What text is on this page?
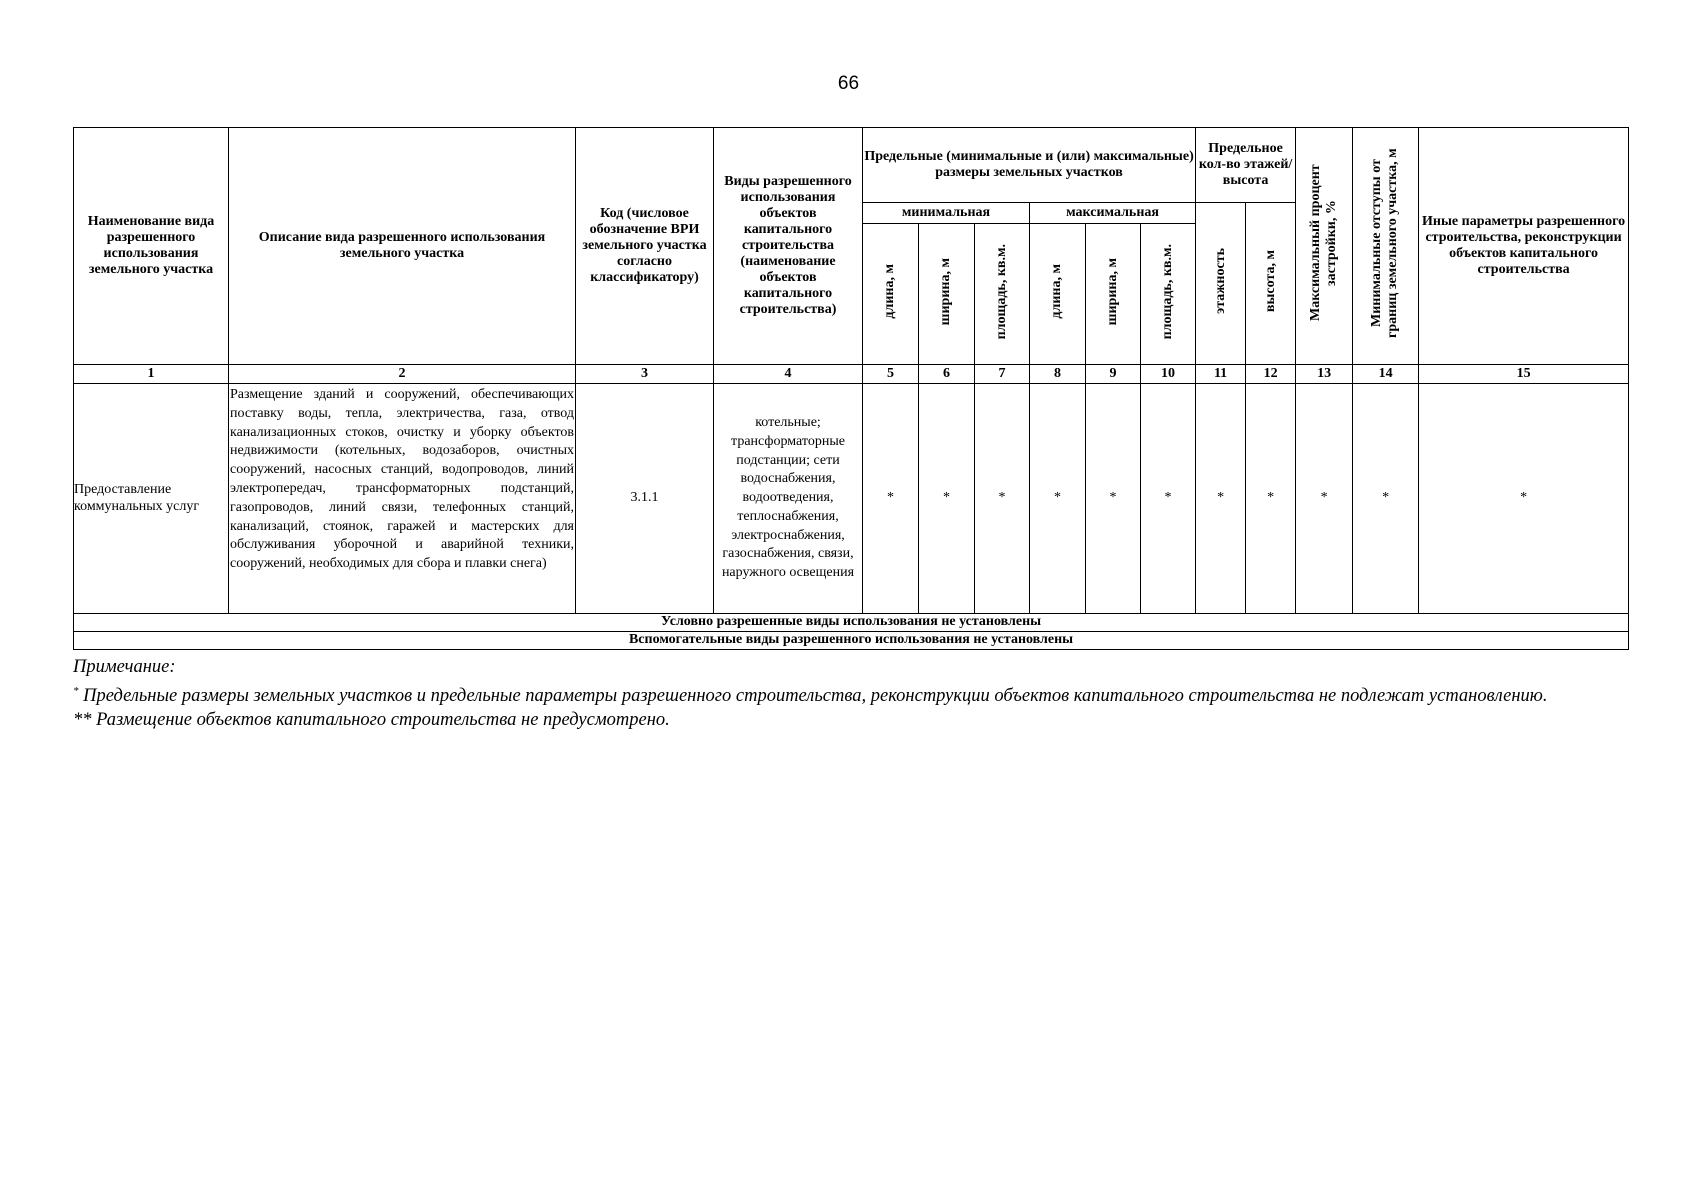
66
Наименование вида разрешенного использования земельного участка	Описание вида разрешенного использования земельного участка	Код (числовое обозначение ВРИ земельного участка согласно классификатору)	Виды разрешенного использования объектов капитального строительства (наименование объектов капитального строительства)	Предельные (минимальные и (или) максимальные) размеры земельных участков						Предельное кол-во этажей/ высота		Максимальный процент застройки, %	Минимальные отступы от границ земельного участка, м	Иные параметры разрешенного строительства, реконструкции объектов капитального строительства
				минимальная			максимальная			этажность	высота, м			
				длина, м	ширина, м	площадь, кв.м.	длина, м	ширина, м	площадь, кв.м.					
1	2	3	4	5	6	7	8	9	10	11	12	13	14	15
Предоставление коммунальных услуг	Размещение зданий и сооружений, обеспечивающих поставку воды, тепла, электричества, газа, отвод канализационных стоков, очистку и уборку объектов недвижимости (котельных, водозаборов, очистных сооружений, насосных станций, водопроводов, линий электропередач, трансформаторных подстанций, газопроводов, линий связи, телефонных станций, канализаций, стоянок, гаражей и мастерских для обслуживания уборочной и аварийной техники, сооружений, необходимых для сбора и плавки снега)	3.1.1	котельные; трансформаторные подстанции; сети водоснабжения, водоотведения, теплоснабжения, электроснабжения, газоснабжения, связи, наружного освещения	*	*	*	*	*	*	*	*	*	*	*
Условно разрешенные виды использования не установлены														
Вспомогательные виды разрешенного использования не установлены														

Примечание:

* Предельные размеры земельных участков и предельные параметры разрешенного строительства, реконструкции объектов капитального строительства не подлежат установлению.

** Размещение объектов капитального строительства не предусмотрено.
